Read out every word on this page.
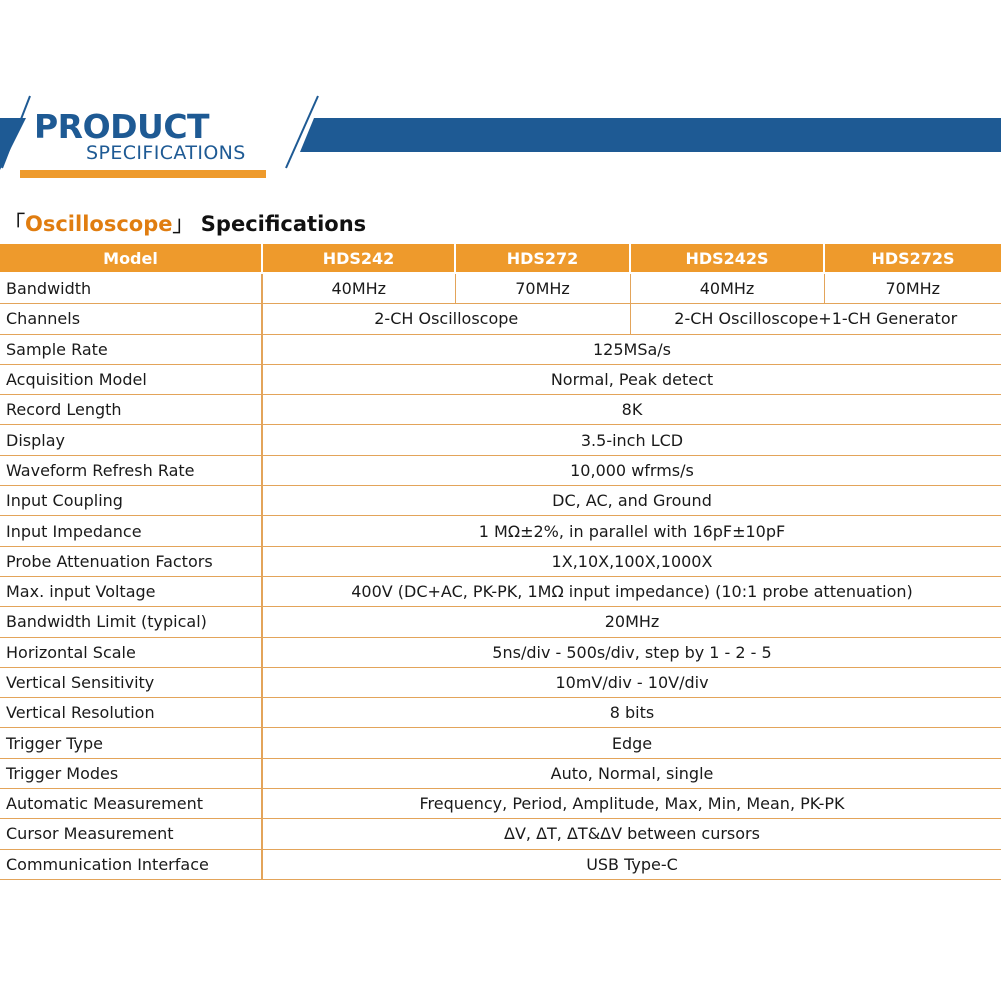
PRODUCT
SPECIFICATIONS
「Oscilloscope」 Specifications
Model	HDS242	HDS272	HDS242S	HDS272S
Bandwidth	40MHz	70MHz	40MHz	70MHz
Channels	2-CH Oscilloscope		2-CH Oscilloscope+1-CH Generator	
Sample Rate	125MSa/s			
Acquisition Model	Normal, Peak detect			
Record Length	8K			
Display	3.5-inch LCD			
Waveform Refresh Rate	10,000 wfrms/s			
Input Coupling	DC, AC, and Ground			
Input Impedance	1 MΩ±2%, in parallel with 16pF±10pF			
Probe Attenuation Factors	1X,10X,100X,1000X			
Max. input Voltage	400V (DC+AC, PK-PK, 1MΩ input impedance) (10:1 probe attenuation)			
Bandwidth Limit (typical)	20MHz			
Horizontal Scale	5ns/div - 500s/div, step by 1 - 2 - 5			
Vertical Sensitivity	10mV/div - 10V/div			
Vertical Resolution	8 bits			
Trigger Type	Edge			
Trigger Modes	Auto, Normal, single			
Automatic Measurement	Frequency, Period, Amplitude, Max, Min, Mean, PK-PK			
Cursor Measurement	ΔV, ΔT, ΔT&ΔV between cursors			
Communication Interface	USB Type-C			
